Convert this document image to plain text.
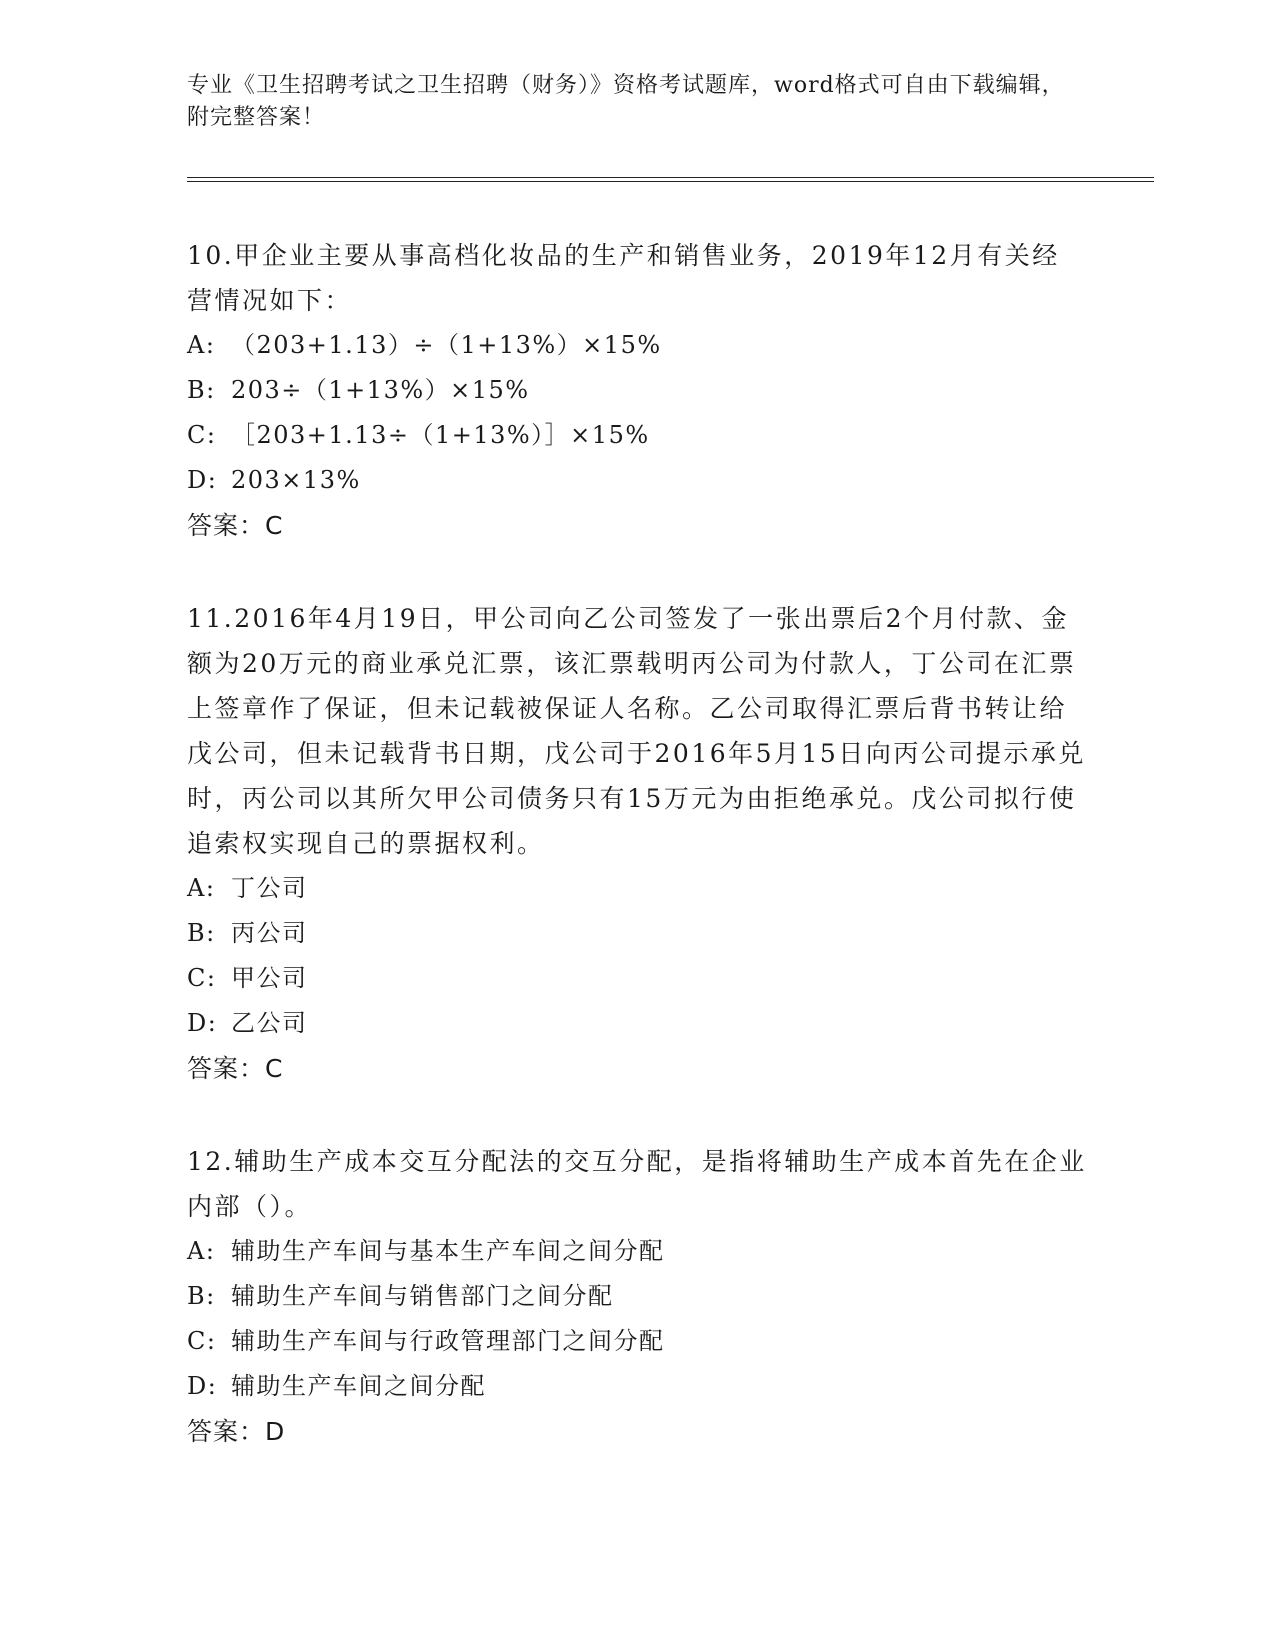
专业《卫生招聘考试之卫生招聘（财务）》资格考试题库，word格式可自由下载编辑，附完整答案！

10.甲企业主要从事高档化妆品的生产和销售业务，2019年12月有关经营情况如下：

A: （203+1.13）÷（1+13%）×15%

B: 203÷（1+13%）×15%

C: ［203+1.13÷（1+13%）］×15%

D: 203×13%

答案：C

11.2016年4月19日，甲公司向乙公司签发了一张出票后2个月付款、金额为20万元的商业承兑汇票，该汇票载明丙公司为付款人，丁公司在汇票上签章作了保证，但未记载被保证人名称。乙公司取得汇票后背书转让给戊公司，但未记载背书日期，戊公司于2016年5月15日向丙公司提示承兑时，丙公司以其所欠甲公司债务只有15万元为由拒绝承兑。戊公司拟行使追索权实现自己的票据权利。

A: 丁公司

B: 丙公司

C: 甲公司

D: 乙公司

答案：C

12.辅助生产成本交互分配法的交互分配，是指将辅助生产成本首先在企业内部（）。

A: 辅助生产车间与基本生产车间之间分配

B: 辅助生产车间与销售部门之间分配

C: 辅助生产车间与行政管理部门之间分配

D: 辅助生产车间之间分配

答案：D
